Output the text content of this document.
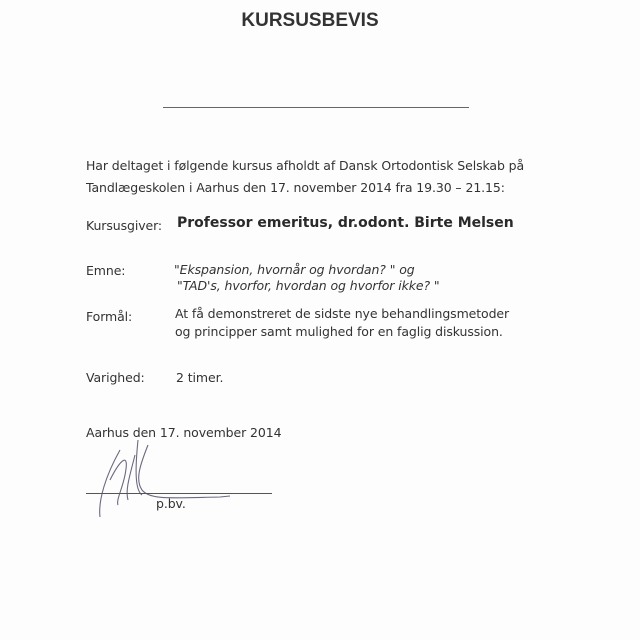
KURSUSBEVIS
Har deltaget i følgende kursus afholdt af Dansk Ortodontisk Selskab på
Tandlægeskolen i Aarhus den 17. november 2014 fra 19.30 – 21.15:
Kursusgiver: Professor emeritus, dr.odont. Birte Melsen
Emne:	"Ekspansion, hvornår og hvordan? " og
"TAD's, hvorfor, hvordan og hvorfor ikke? "
Formål:	At få demonstreret de sidste nye behandlingsmetoder
og principper samt mulighed for en faglig diskussion.
Varighed:	2 timer.
Aarhus den 17. november 2014
p.bv.
